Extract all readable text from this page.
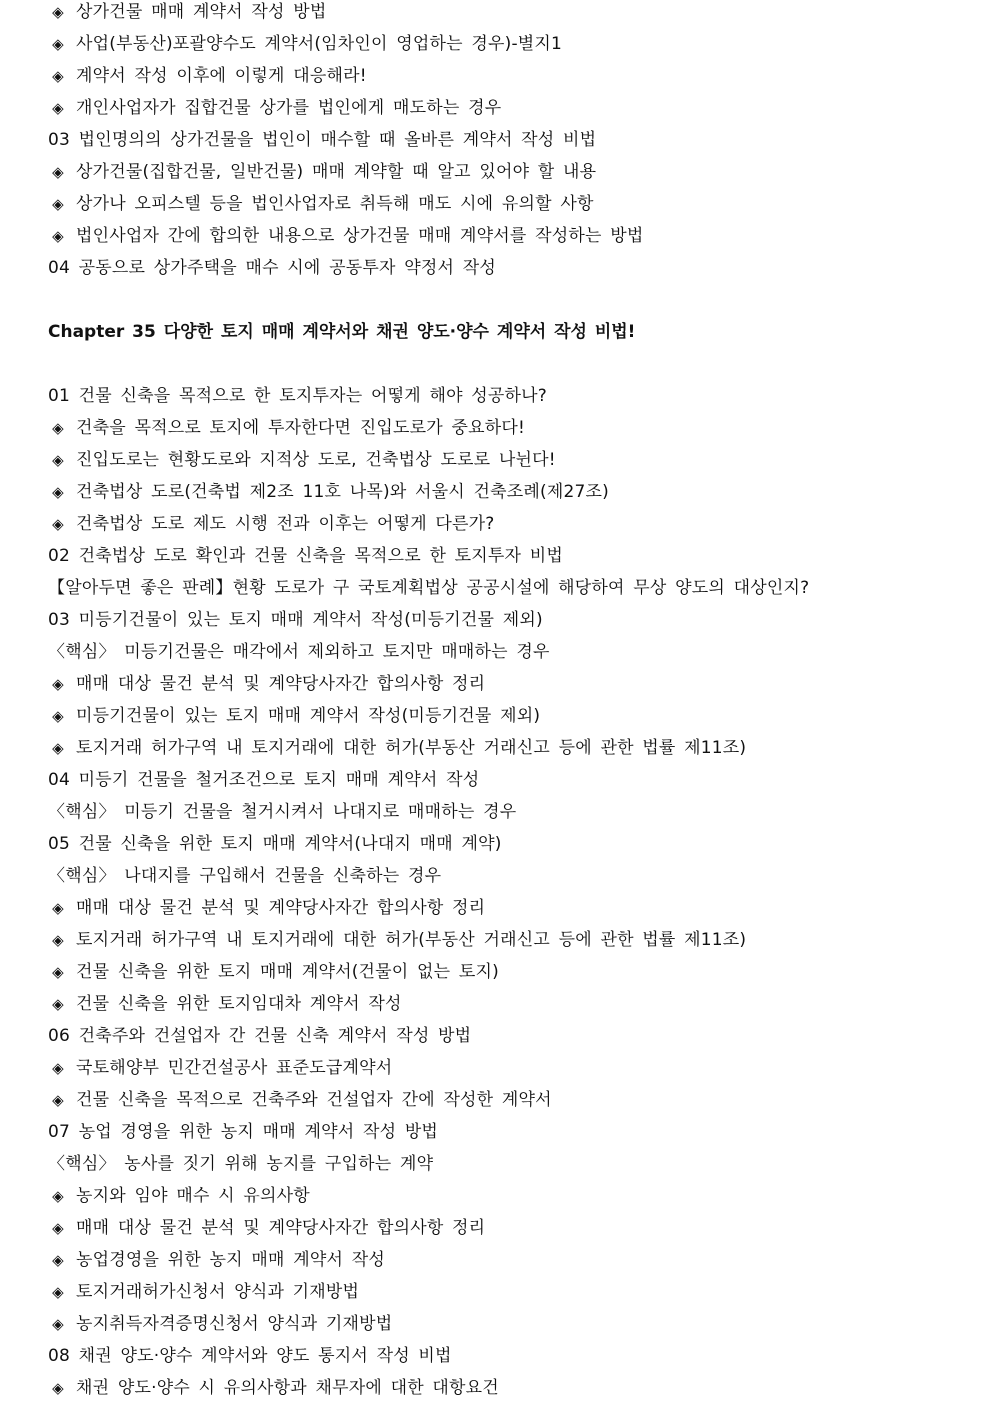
◈ 상가건물 매매 계약서 작성 방법
◈ 사업(부동산)포괄양수도 계약서(임차인이 영업하는 경우)-별지1
◈ 계약서 작성 이후에 이렇게 대응해라!
◈ 개인사업자가 집합건물 상가를 법인에게 매도하는 경우
03 법인명의의 상가건물을 법인이 매수할 때 올바른 계약서 작성 비법
◈ 상가건물(집합건물, 일반건물) 매매 계약할 때 알고 있어야 할 내용
◈ 상가나 오피스텔 등을 법인사업자로 취득해 매도 시에 유의할 사항
◈ 법인사업자 간에 합의한 내용으로 상가건물 매매 계약서를 작성하는 방법
04 공동으로 상가주택을 매수 시에 공동투자 약정서 작성
Chapter 35 다양한 토지 매매 계약서와 채권 양도·양수 계약서 작성 비법!
01 건물 신축을 목적으로 한 토지투자는 어떻게 해야 성공하나?
◈ 건축을 목적으로 토지에 투자한다면 진입도로가 중요하다!
◈ 진입도로는 현황도로와 지적상 도로, 건축법상 도로로 나뉜다!
◈ 건축법상 도로(건축법 제2조 11호 나목)와 서울시 건축조례(제27조)
◈ 건축법상 도로 제도 시행 전과 이후는 어떻게 다른가?
02 건축법상 도로 확인과 건물 신축을 목적으로 한 토지투자 비법
【알아두면 좋은 판례】현황 도로가 구 국토계획법상 공공시설에 해당하여 무상 양도의 대상인지?
03 미등기건물이 있는 토지 매매 계약서 작성(미등기건물 제외)
〈핵심〉 미등기건물은 매각에서 제외하고 토지만 매매하는 경우
◈ 매매 대상 물건 분석 및 계약당사자간 합의사항 정리
◈ 미등기건물이 있는 토지 매매 계약서 작성(미등기건물 제외)
◈ 토지거래 허가구역 내 토지거래에 대한 허가(부동산 거래신고 등에 관한 법률 제11조)
04 미등기 건물을 철거조건으로 토지 매매 계약서 작성
〈핵심〉 미등기 건물을 철거시켜서 나대지로 매매하는 경우
05 건물 신축을 위한 토지 매매 계약서(나대지 매매 계약)
〈핵심〉 나대지를 구입해서 건물을 신축하는 경우
◈ 매매 대상 물건 분석 및 계약당사자간 합의사항 정리
◈ 토지거래 허가구역 내 토지거래에 대한 허가(부동산 거래신고 등에 관한 법률 제11조)
◈ 건물 신축을 위한 토지 매매 계약서(건물이 없는 토지)
◈ 건물 신축을 위한 토지임대차 계약서 작성
06 건축주와 건설업자 간 건물 신축 계약서 작성 방법
◈ 국토해양부 민간건설공사 표준도급계약서
◈ 건물 신축을 목적으로 건축주와 건설업자 간에 작성한 계약서
07 농업 경영을 위한 농지 매매 계약서 작성 방법
〈핵심〉 농사를 짓기 위해 농지를 구입하는 계약
◈ 농지와 임야 매수 시 유의사항
◈ 매매 대상 물건 분석 및 계약당사자간 합의사항 정리
◈ 농업경영을 위한 농지 매매 계약서 작성
◈ 토지거래허가신청서 양식과 기재방법
◈ 농지취득자격증명신청서 양식과 기재방법
08 채권 양도·양수 계약서와 양도 통지서 작성 비법
◈ 채권 양도·양수 시 유의사항과 채무자에 대한 대항요건
